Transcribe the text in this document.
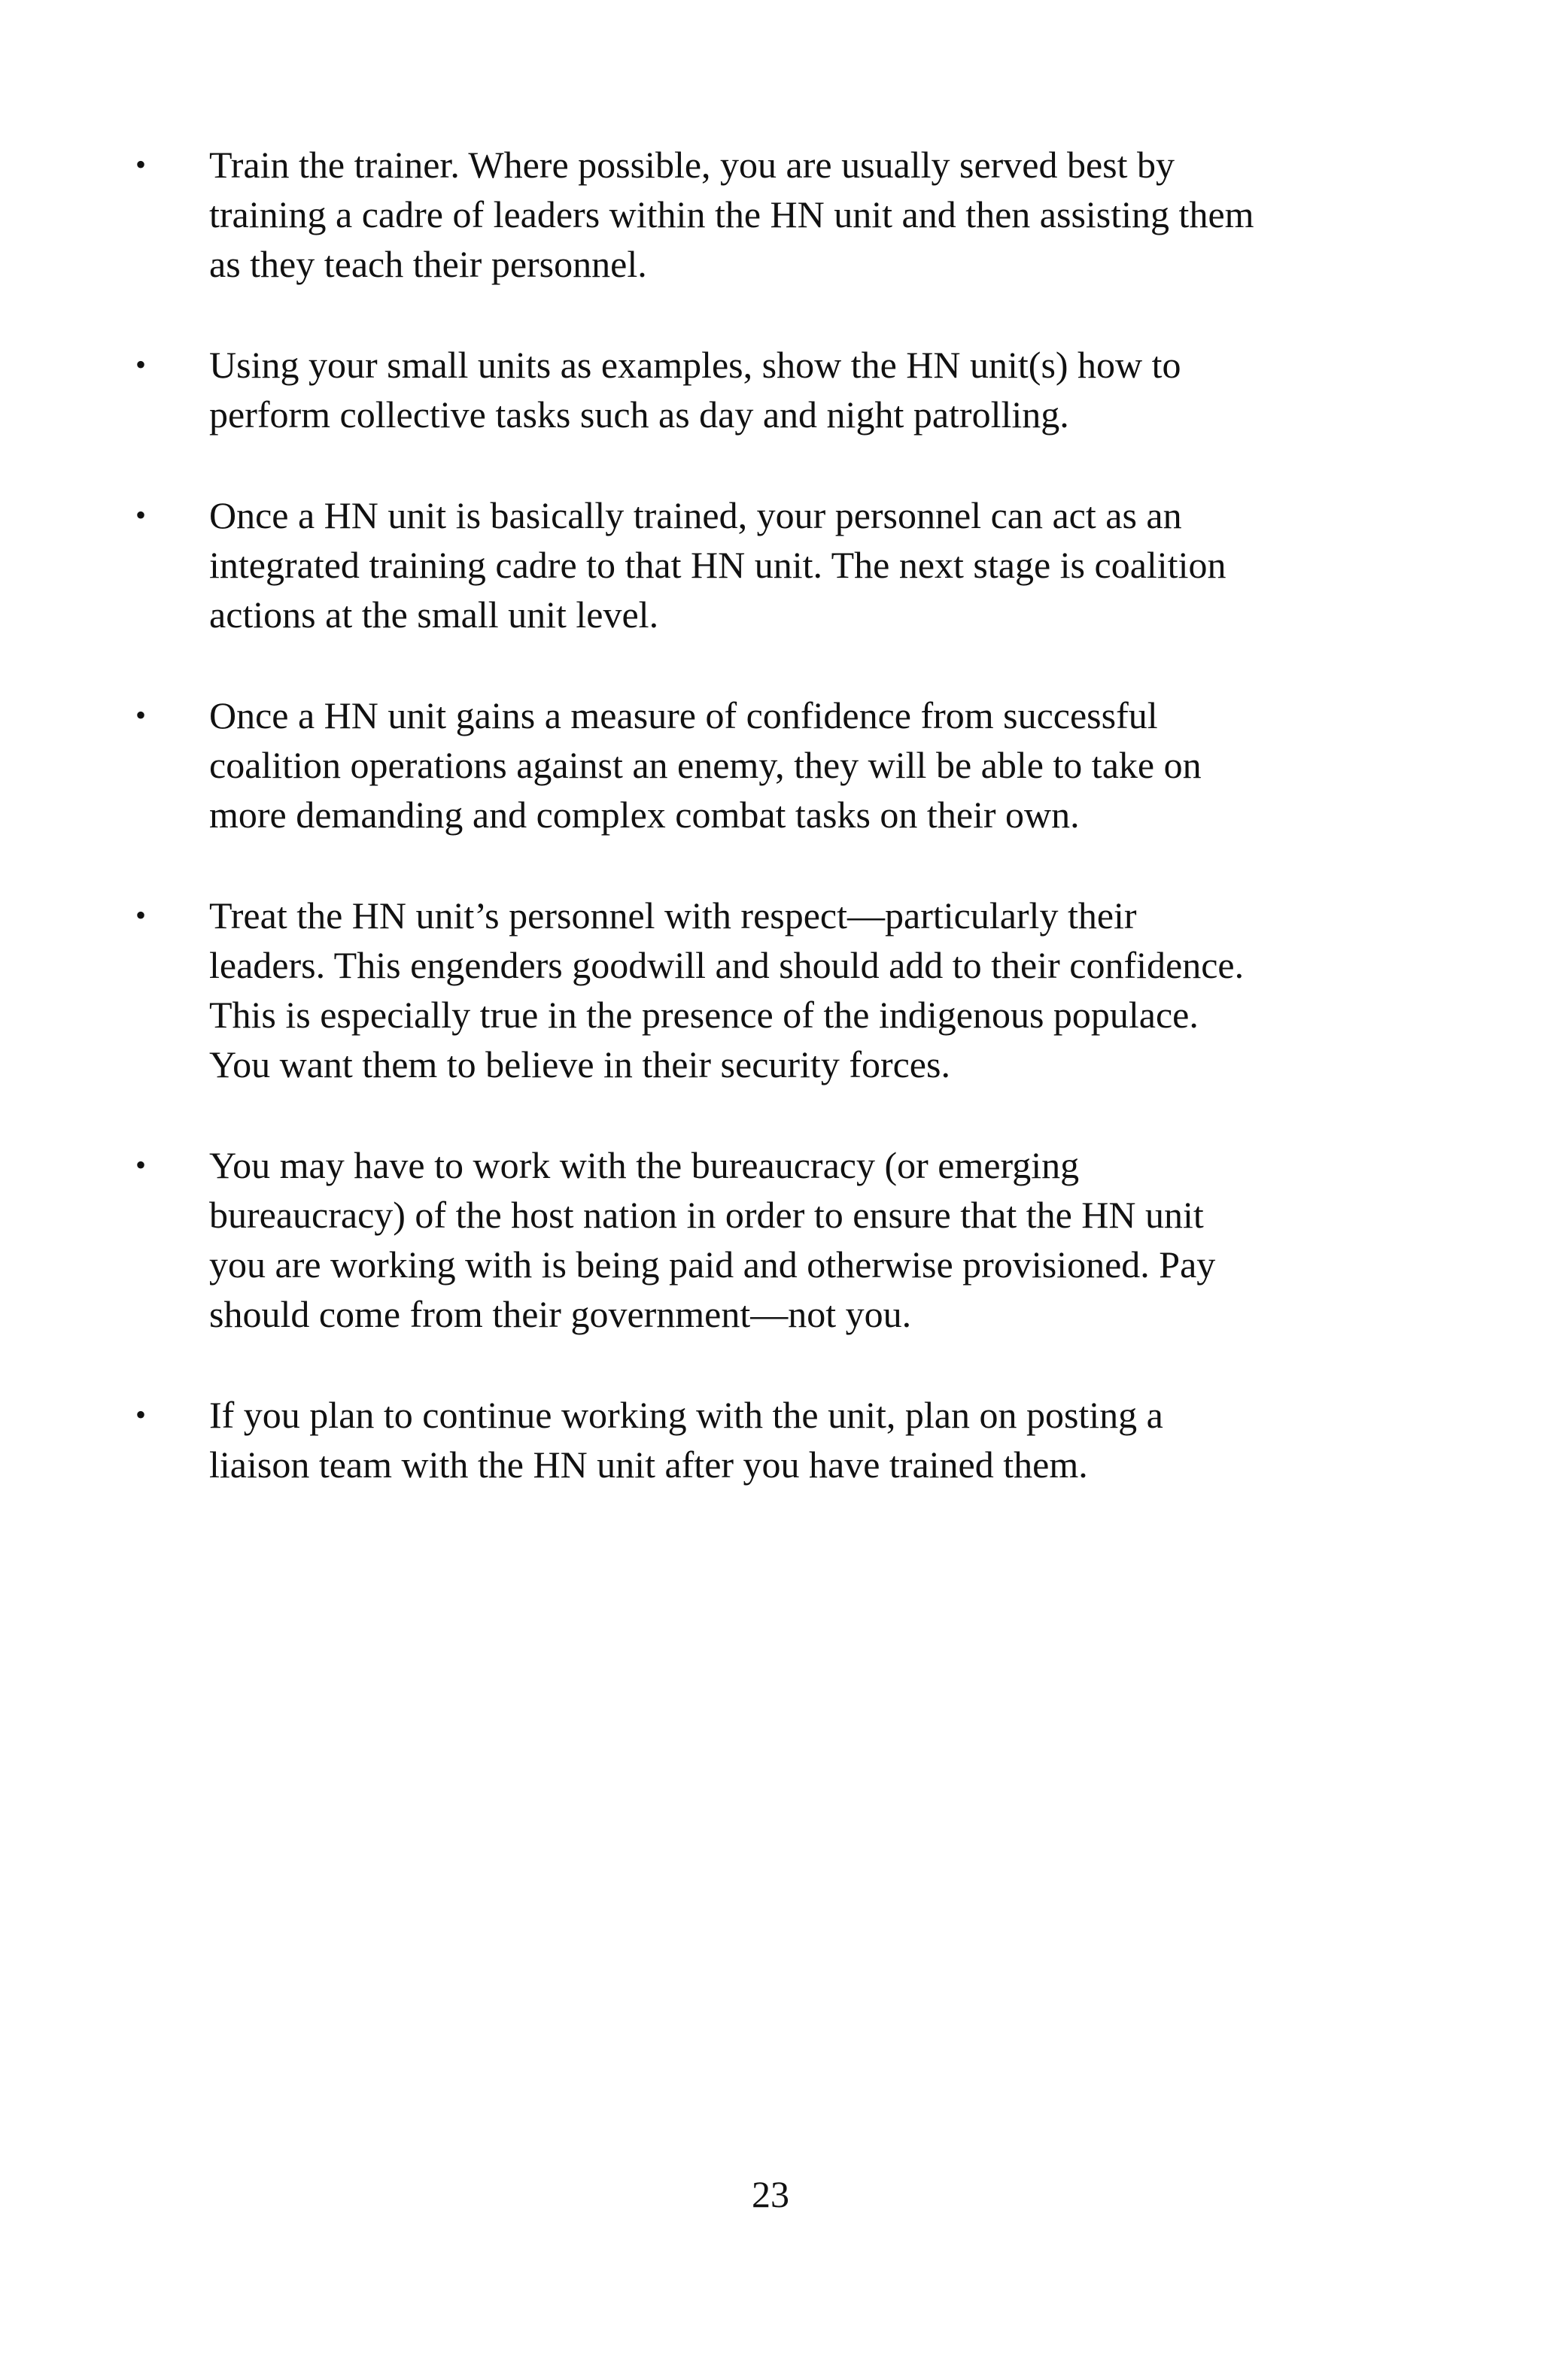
•	Train the trainer. Where possible, you are usually served best by
training a cadre of leaders within the HN unit and then assisting them
as they teach their personnel.
•	Using your small units as examples, show the HN unit(s) how to
perform collective tasks such as day and night patrolling.
•	Once a HN unit is basically trained, your personnel can act as an
integrated training cadre to that HN unit. The next stage is coalition
actions at the small unit level.
•	Once a HN unit gains a measure of confidence from successful
coalition operations against an enemy, they will be able to take on
more demanding and complex combat tasks on their own.
•	Treat the HN unit’s personnel with respect—particularly their
leaders. This engenders goodwill and should add to their confidence.
This is especially true in the presence of the indigenous populace.
You want them to believe in their security forces.
•	You may have to work with the bureaucracy (or emerging
bureaucracy) of the host nation in order to ensure that the HN unit
you are working with is being paid and otherwise provisioned. Pay
should come from their government—not you.
•	If you plan to continue working with the unit, plan on posting a
liaison team with the HN unit after you have trained them.
23
